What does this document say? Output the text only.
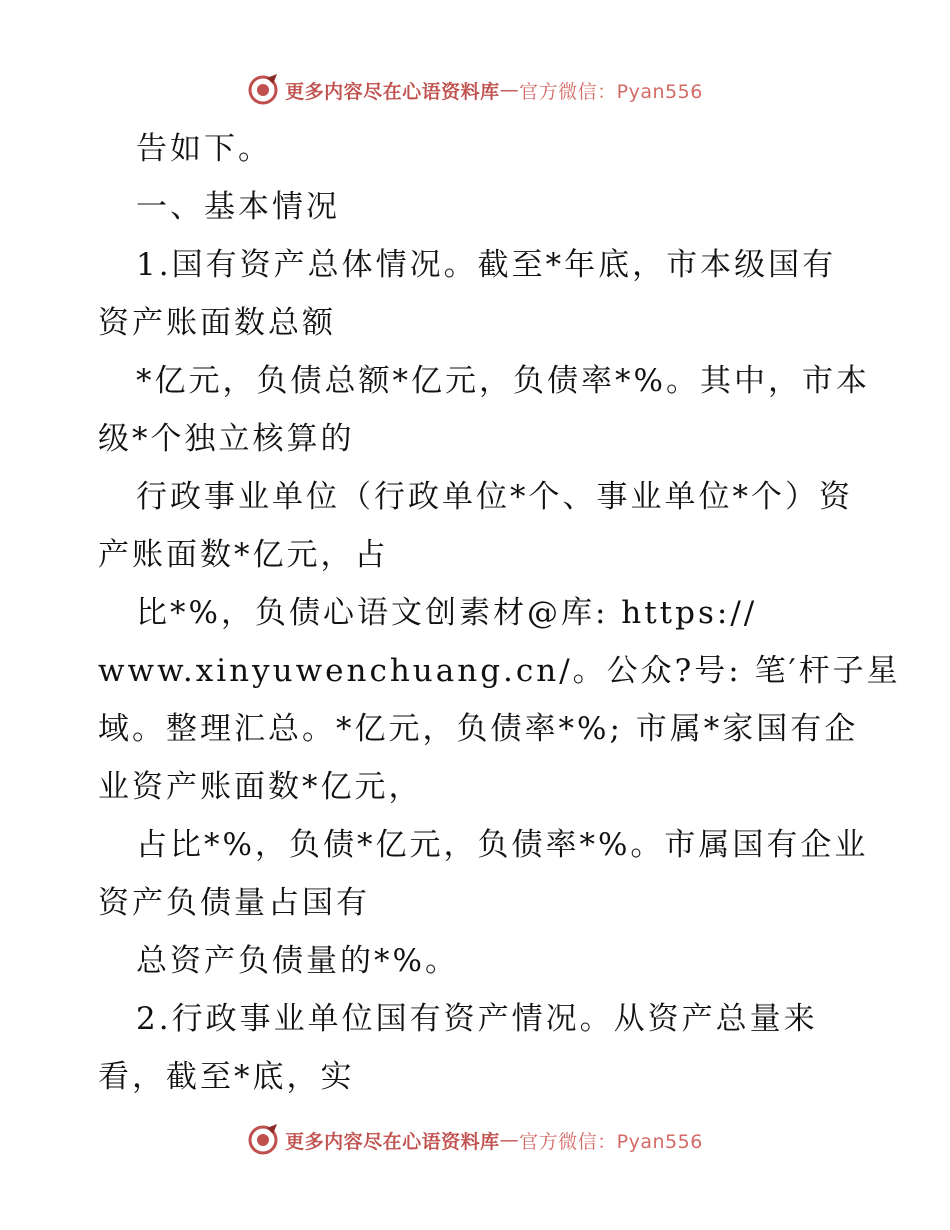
更多内容尽在心语资料库 — 官方微信：Pyan556
告如下。
一、基本情况
1.国有资产总体情况。截至*年底，市本级国有
资产账面数总额
*亿元，负债总额*亿元，负债率*%。其中，市本
级*个独立核算的
行政事业单位（行政单位*个、事业单位*个）资
产账面数*亿元，占
比*%，负债心语文创素材@库: https://
www.xinyuwenchuang.cn/。公众?号: 笔′杆子星
域。整理汇总。*亿元，负债率*%; 市属*家国有企
业资产账面数*亿元，
占比*%，负债*亿元，负债率*%。市属国有企业
资产负债量占国有
总资产负债量的*%。
2.行政事业单位国有资产情况。从资产总量来
看，截至*底，实
更多内容尽在心语资料库 — 官方微信：Pyan556
